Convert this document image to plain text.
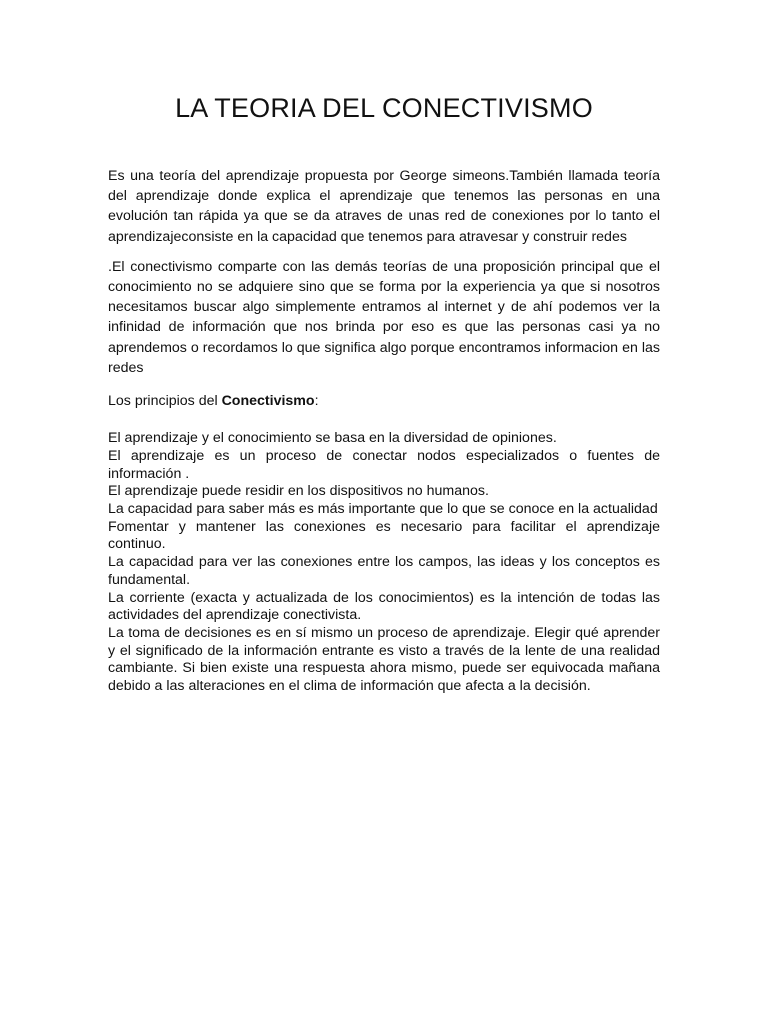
LA TEORIA DEL CONECTIVISMO

Es una teoría del aprendizaje propuesta por George simeons.También llamada teoría del aprendizaje donde explica el aprendizaje que tenemos las personas en una evolución tan rápida ya que se da atraves de unas red de conexiones por lo tanto el aprendizajeconsiste en la capacidad que tenemos para atravesar y construir redes

.El conectivismo comparte con las demás teorías de una proposición principal que el conocimiento no se adquiere sino que se forma por la experiencia ya que si nosotros necesitamos buscar algo simplemente entramos al internet y de ahí podemos ver la infinidad de información que nos brinda por eso es que las personas casi ya no aprendemos o recordamos lo que significa algo porque encontramos informacion en las redes

Los principios del Conectivismo:

El aprendizaje y el conocimiento se basa en la diversidad de opiniones.

El aprendizaje es un proceso de conectar nodos especializados o fuentes de información .

El aprendizaje puede residir en los dispositivos no humanos.

La capacidad para saber más es más importante que lo que se conoce en la actualidad

Fomentar y mantener las conexiones es necesario para facilitar el aprendizaje continuo.

La capacidad para ver las conexiones entre los campos, las ideas y los conceptos es fundamental.

La corriente (exacta y actualizada de los conocimientos) es la intención de todas las actividades del aprendizaje conectivista.

La toma de decisiones es en sí mismo un proceso de aprendizaje. Elegir qué aprender y el significado de la información entrante es visto a través de la lente de una realidad cambiante. Si bien existe una respuesta ahora mismo, puede ser equivocada mañana debido a las alteraciones en el clima de información que afecta a la decisión.
